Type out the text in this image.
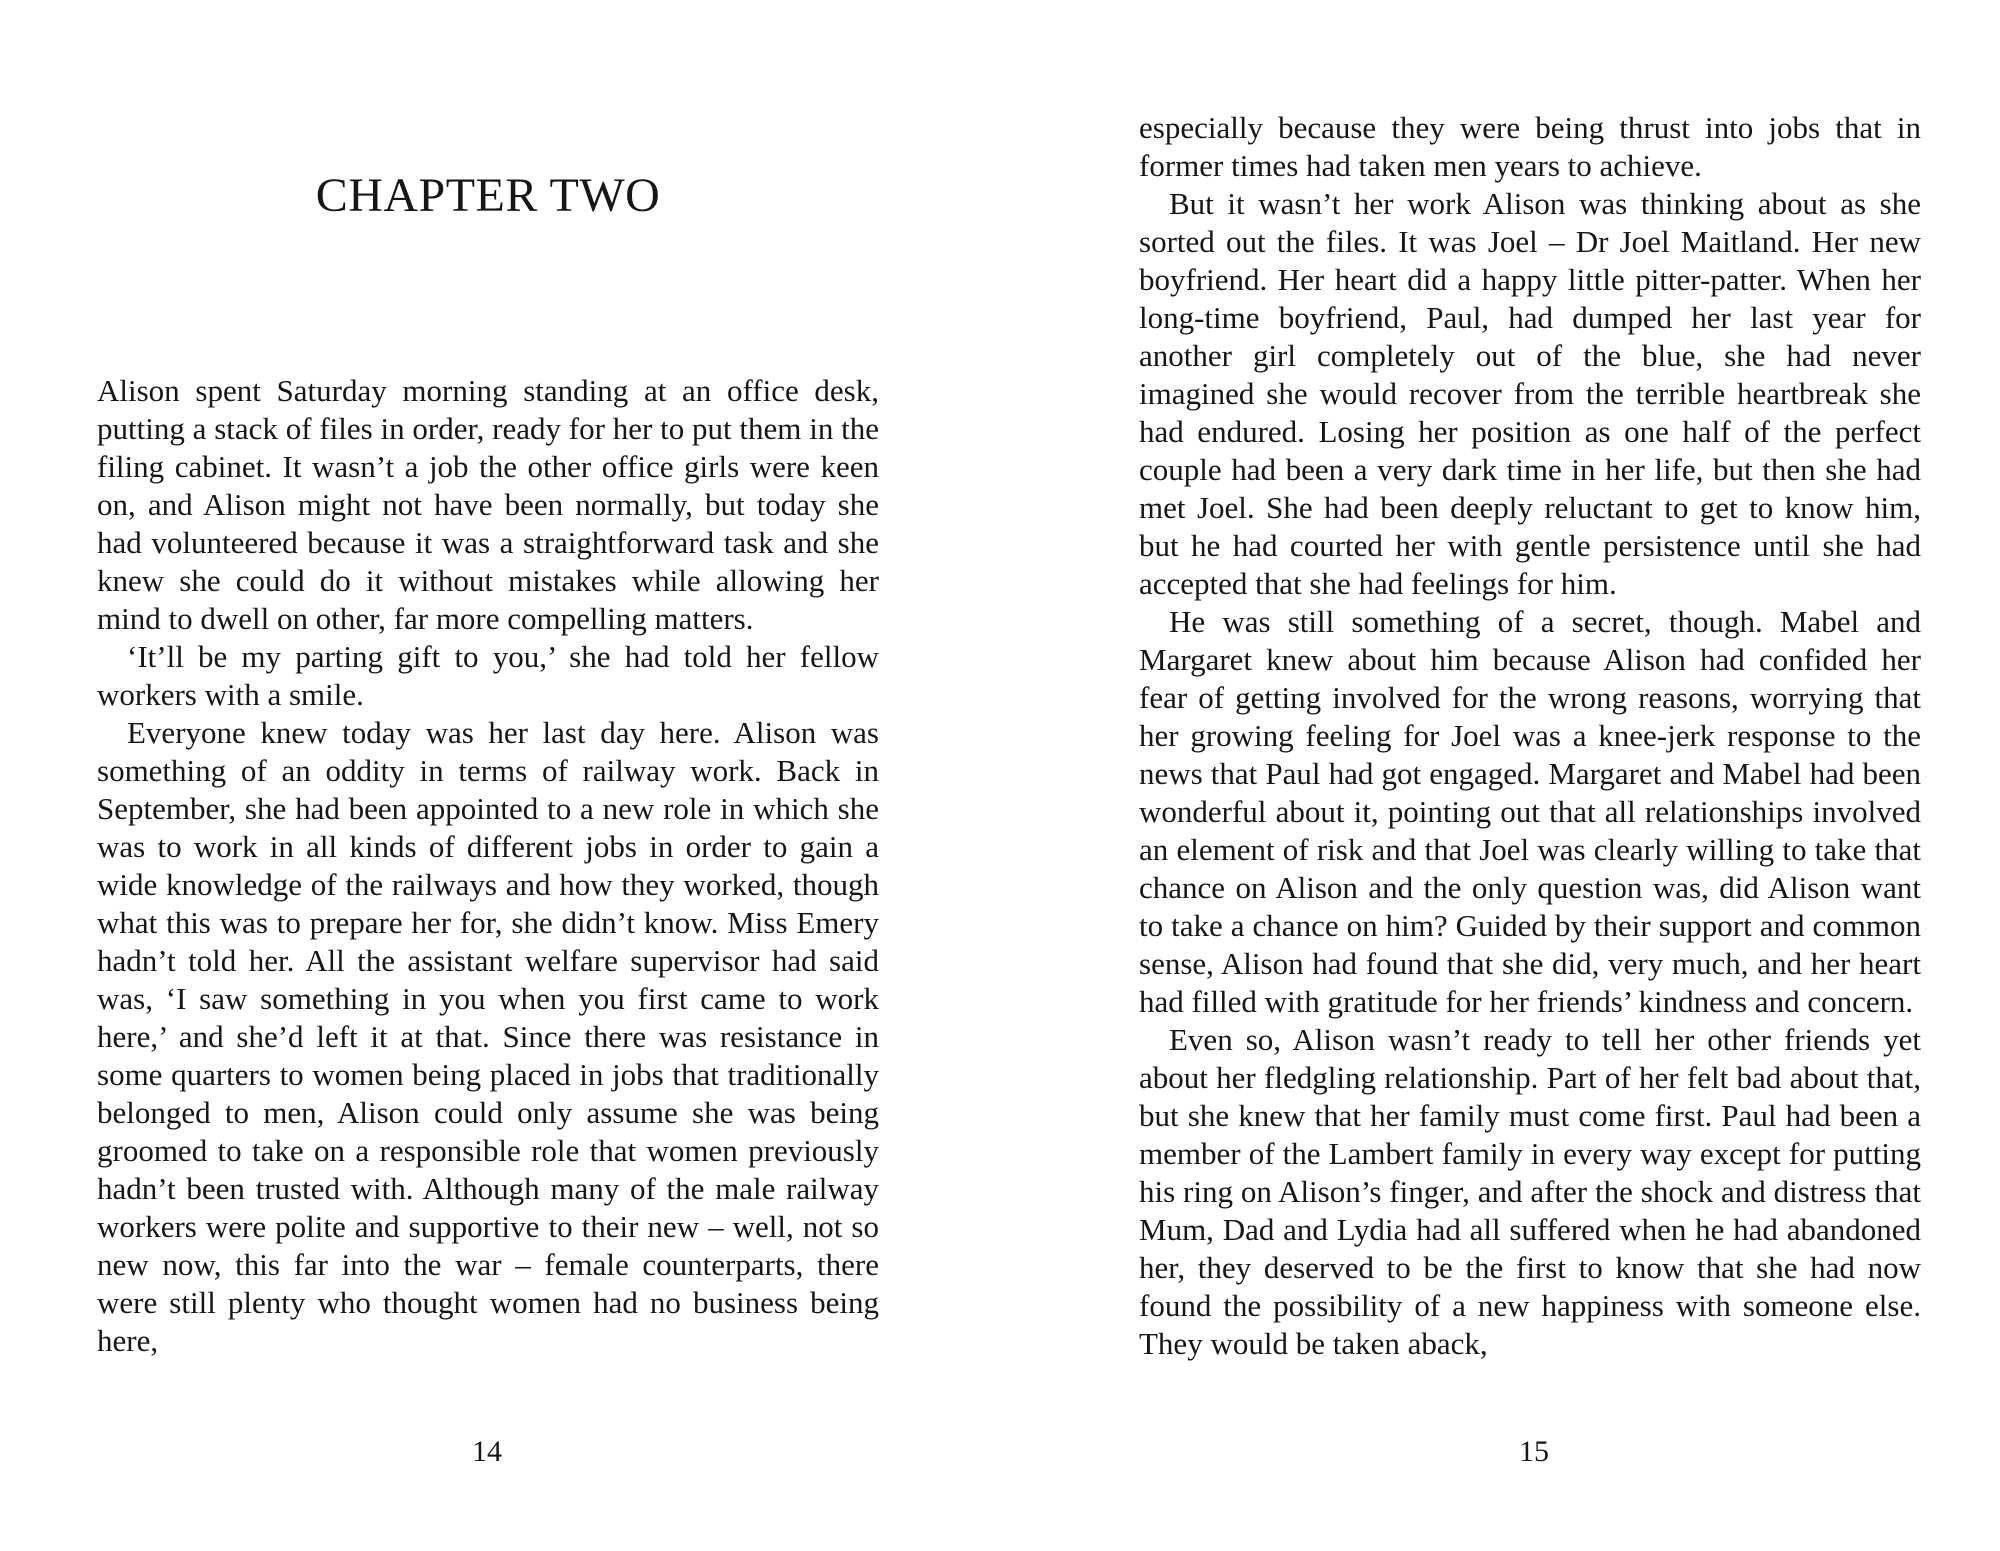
CHAPTER TWO

Alison spent Saturday morning standing at an office desk, putting a stack of files in order, ready for her to put them in the filing cabinet. It wasn’t a job the other office girls were keen on, and Alison might not have been normally, but today she had volunteered because it was a straightforward task and she knew she could do it without mistakes while allowing her mind to dwell on other, far more compelling matters.

‘It’ll be my parting gift to you,’ she had told her fellow workers with a smile.

Everyone knew today was her last day here. Alison was something of an oddity in terms of railway work. Back in September, she had been appointed to a new role in which she was to work in all kinds of different jobs in order to gain a wide knowledge of the railways and how they worked, though what this was to prepare her for, she didn’t know. Miss Emery hadn’t told her. All the assistant welfare supervisor had said was, ‘I saw something in you when you first came to work here,’ and she’d left it at that. Since there was resistance in some quarters to women being placed in jobs that traditionally belonged to men, Alison could only assume she was being groomed to take on a responsible role that women previously hadn’t been trusted with. Although many of the male railway workers were polite and supportive to their new – well, not so new now, this far into the war – female counterparts, there were still plenty who thought women had no business being here,

14

especially because they were being thrust into jobs that in former times had taken men years to achieve.

But it wasn’t her work Alison was thinking about as she sorted out the files. It was Joel – Dr Joel Maitland. Her new boyfriend. Her heart did a happy little pitter-patter. When her long-time boyfriend, Paul, had dumped her last year for another girl completely out of the blue, she had never imagined she would recover from the terrible heartbreak she had endured. Losing her position as one half of the perfect couple had been a very dark time in her life, but then she had met Joel. She had been deeply reluctant to get to know him, but he had courted her with gentle persistence until she had accepted that she had feelings for him.

He was still something of a secret, though. Mabel and Margaret knew about him because Alison had confided her fear of getting involved for the wrong reasons, worrying that her growing feeling for Joel was a knee-jerk response to the news that Paul had got engaged. Margaret and Mabel had been wonderful about it, pointing out that all relationships involved an element of risk and that Joel was clearly willing to take that chance on Alison and the only question was, did Alison want to take a chance on him? Guided by their support and common sense, Alison had found that she did, very much, and her heart had filled with gratitude for her friends’ kindness and concern.

Even so, Alison wasn’t ready to tell her other friends yet about her fledgling relationship. Part of her felt bad about that, but she knew that her family must come first. Paul had been a member of the Lambert family in every way except for putting his ring on Alison’s finger, and after the shock and distress that Mum, Dad and Lydia had all suffered when he had abandoned her, they deserved to be the first to know that she had now found the possibility of a new happiness with someone else. They would be taken aback,

15
